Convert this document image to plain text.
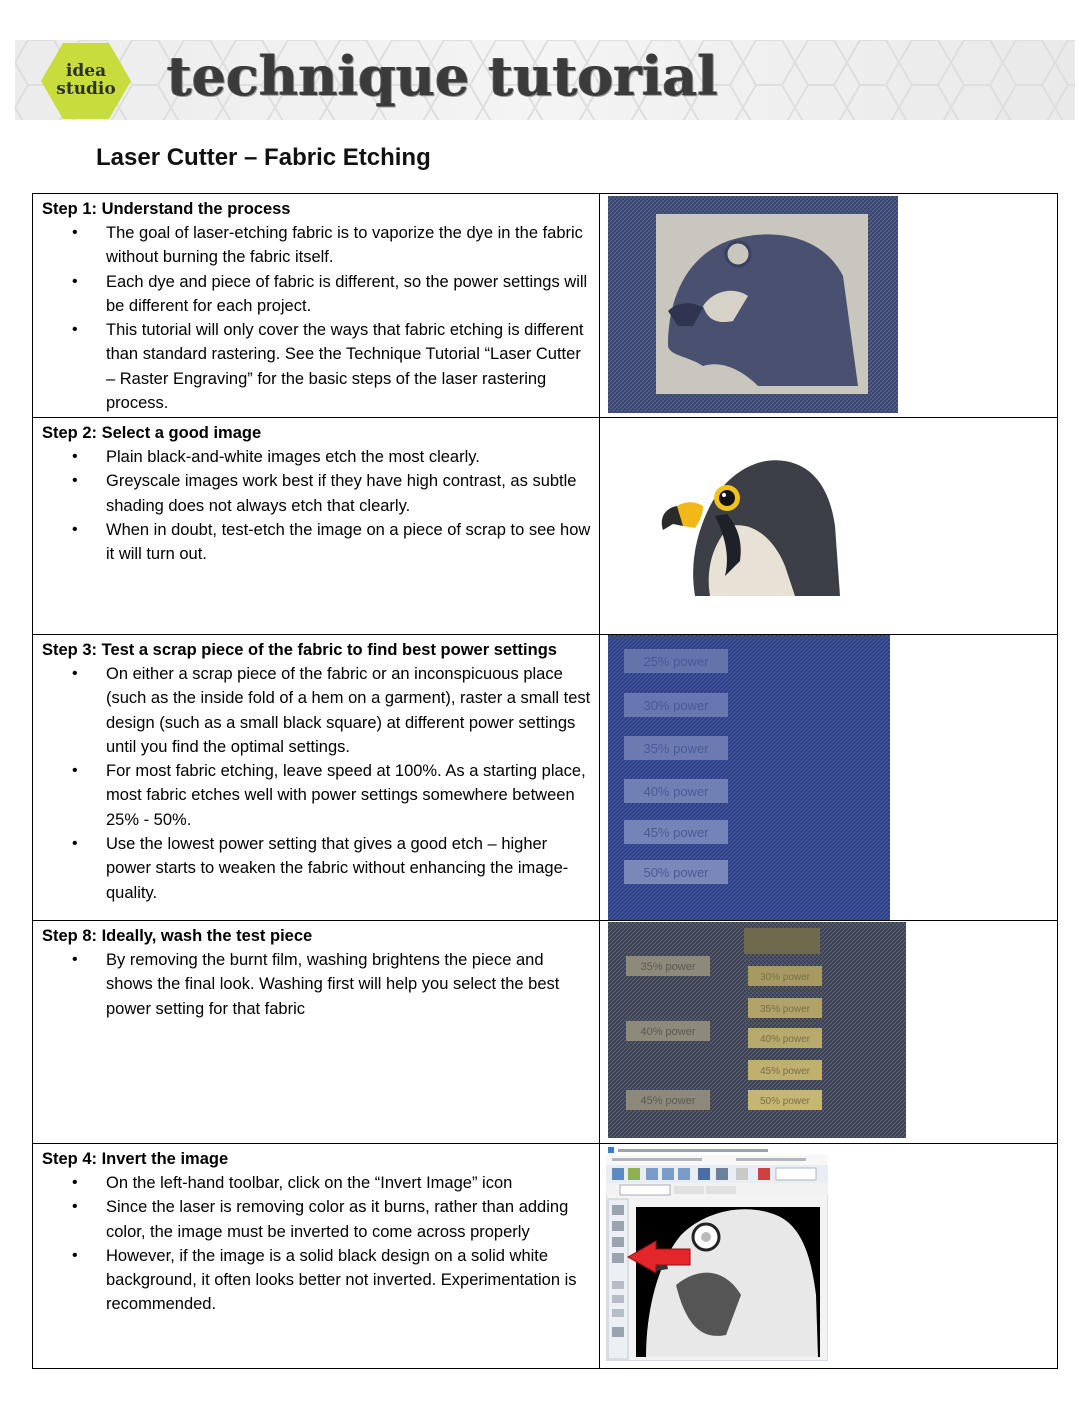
idea
studio technique tutorial
Laser Cutter – Fabric Etching
Step 1: Understand the process
• The goal of laser-etching fabric is to vaporize the dye in the fabric without burning the fabric itself.
• Each dye and piece of fabric is different, so the power settings will be different for each project.
• This tutorial will only cover the ways that fabric etching is different than standard rastering. See the Technique Tutorial “Laser Cutter – Raster Engraving” for the basic steps of the laser rastering process.
Step 2: Select a good image
• Plain black-and-white images etch the most clearly.
• Greyscale images work best if they have high contrast, as subtle shading does not always etch that clearly.
• When in doubt, test-etch the image on a piece of scrap to see how it will turn out.
Step 3: Test a scrap piece of the fabric to find best power settings
• On either a scrap piece of the fabric or an inconspicuous place (such as the inside fold of a hem on a garment), raster a small test design (such as a small black square) at different power settings until you find the optimal settings.
• For most fabric etching, leave speed at 100%. As a starting place, most fabric etches well with power settings somewhere between 25% - 50%.
• Use the lowest power setting that gives a good etch – higher power starts to weaken the fabric without enhancing the image-quality.
25% power
30% power
35% power
40% power
45% power
50% power
Step 8: Ideally, wash the test piece
• By removing the burnt film, washing brightens the piece and shows the final look. Washing first will help you select the best power setting for that fabric
35% power
40% power
45% power
30% power
35% power
40% power
45% power
50% power
Step 4: Invert the image
• On the left-hand toolbar, click on the “Invert Image” icon
• Since the laser is removing color as it burns, rather than adding color, the image must be inverted to come across properly
• However, if the image is a solid black design on a solid white background, it often looks better not inverted. Experimentation is recommended.
